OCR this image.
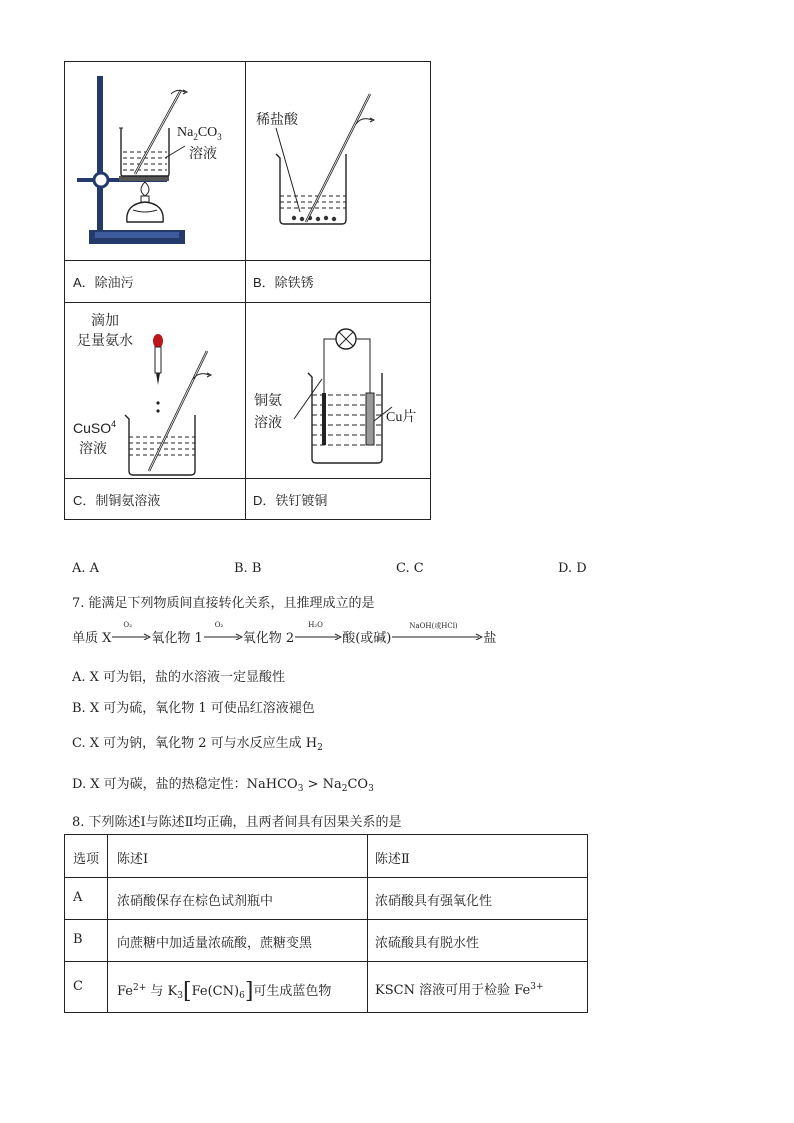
$Na_2CO_3$
溶液
A．除油污
稀盐酸
B．除铁锈
滴加
足量氨水
CuSO$^4$
溶液
C．制铜氨溶液
铜氨
溶液	Cu片
D．铁钉镀铜
A. A	B. B	C. C	D. D
7. 能满足下列物质间直接转化关系，且推理成立的是
单质 X
O₂
氧化物 1
O₂
氧化物 2
H₂O
酸(或碱)
NaOH(或HCl)
盐
A. X 可为铝，盐的水溶液一定显酸性
B. X 可为硫，氧化物 1 可使品红溶液褪色
C. X 可为钠，氧化物 2 可与水反应生成 $H_2$
D. X 可为碳，盐的热稳定性：NaHCO$_3$ > $Na_2CO_3$
8. 下列陈述Ⅰ与陈述Ⅱ均正确，且两者间具有因果关系的是
选项 陈述Ⅰ	陈述Ⅱ
A	浓硝酸保存在棕色试剂瓶中	浓硝酸具有强氧化性
B	向蔗糖中加适量浓硫酸，蔗糖变黑	浓硫酸具有脱水性
C	$Fe^{2+}$ 与 $K_3[Fe(CN)_6]$可生成蓝色物	KSCN 溶液可用于检验 $Fe^{3+}$
